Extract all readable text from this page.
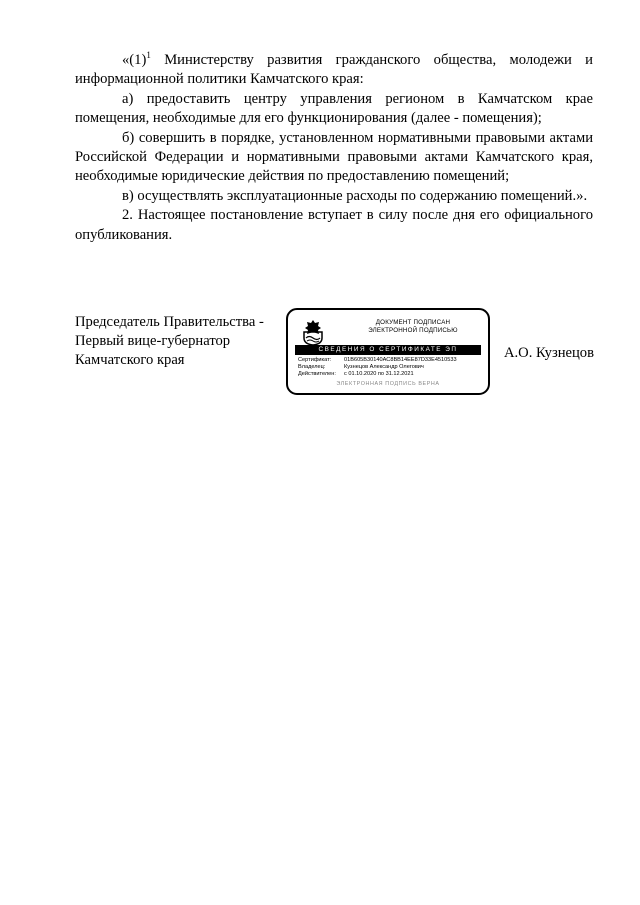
«(1)$^1$ Министерству развития гражданского общества, молодежи и информационной политики Камчатского края:

а) предоставить центру управления регионом в Камчатском крае помещения, необходимые для его функционирования (далее - помещения);

б) совершить в порядке, установленном нормативными правовыми актами Российской Федерации и нормативными правовыми актами Камчатского края, необходимые юридические действия по предоставлению помещений;

в) осуществлять эксплуатационные расходы по содержанию помещений.».

2. Настоящее постановление вступает в силу после дня его официального опубликования.

Председатель Правительства -
Первый вице-губернатор
Камчатского края
ДОКУМЕНТ ПОДПИСАН
ЭЛЕКТРОННОЙ ПОДПИСЬЮ
СВЕДЕНИЯ О СЕРТИФИКАТЕ ЭП
Сертификат:	01B605B30140AC8BB14EE87D33E4510533
Владелец:	Кузнецов Александр Олегович
Действителен:	с 01.10.2020 по 31.12.2021
ЭЛЕКТРОННАЯ ПОДПИСЬ ВЕРНА
А.О. Кузнецов
